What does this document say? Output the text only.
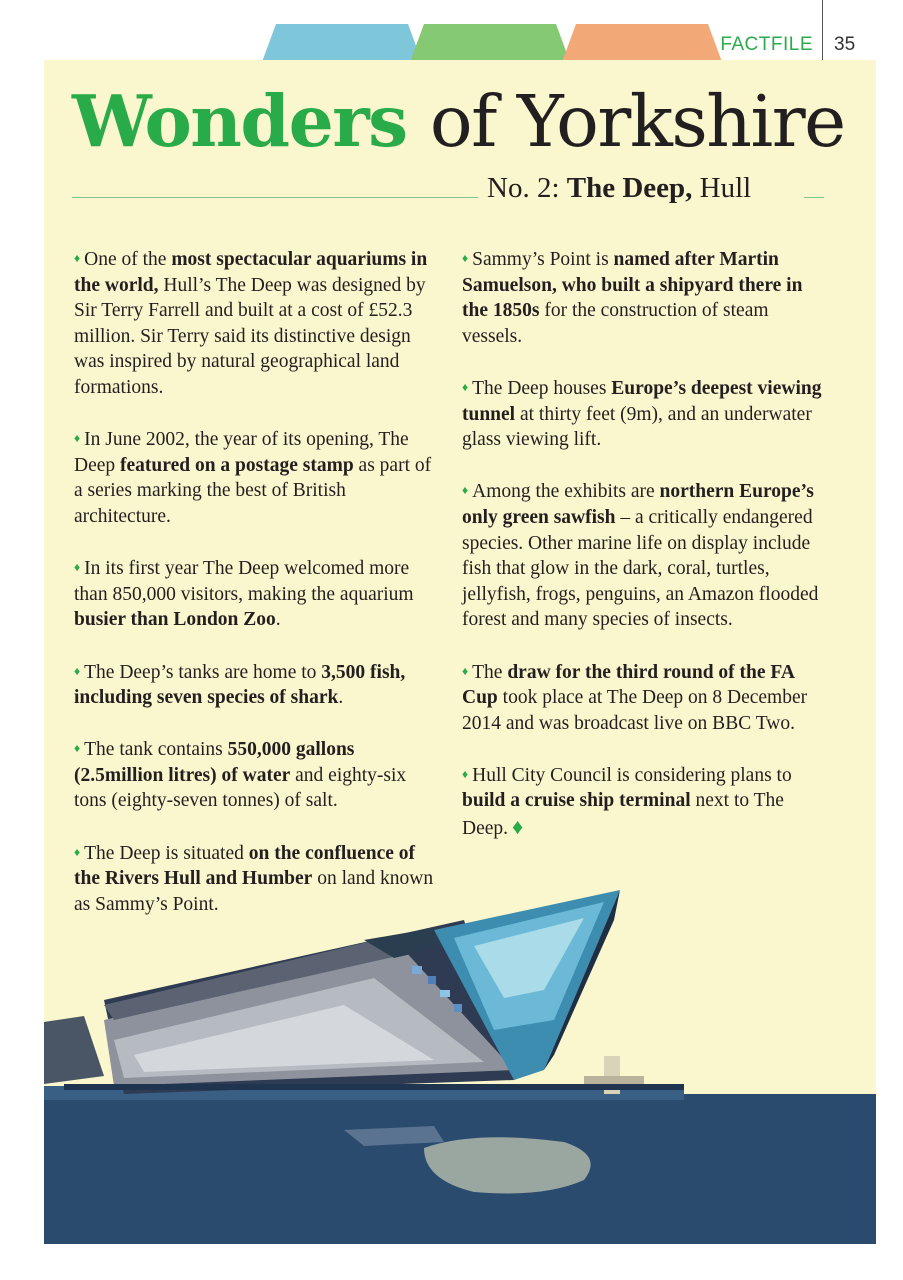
FACTFILE 35
Wonders of Yorkshire
No. 2: The Deep, Hull

♦ One of the most spectacular aquariums in the world, Hull’s The Deep was designed by Sir Terry Farrell and built at a cost of £52.3 million. Sir Terry said its distinctive design was inspired by natural geographical land formations.

♦ In June 2002, the year of its opening, The Deep featured on a postage stamp as part of a series marking the best of British architecture.

♦ In its first year The Deep welcomed more than 850,000 visitors, making the aquarium busier than London Zoo.

♦ The Deep’s tanks are home to 3,500 fish, including seven species of shark.

♦ The tank contains 550,000 gallons (2.5million litres) of water and eighty-six tons (eighty-seven tonnes) of salt.

♦ The Deep is situated on the confluence of the Rivers Hull and Humber on land known as Sammy’s Point.

♦ Sammy’s Point is named after Martin Samuelson, who built a shipyard there in the 1850s for the construction of steam vessels.

♦ The Deep houses Europe’s deepest viewing tunnel at thirty feet (9m), and an underwater glass viewing lift.

♦ Among the exhibits are northern Europe’s only green sawfish – a critically endangered species. Other marine life on display include fish that glow in the dark, coral, turtles, jellyfish, frogs, penguins, an Amazon flooded forest and many species of insects.

♦ The draw for the third round of the FA Cup took place at The Deep on 8 December 2014 and was broadcast live on BBC Two.

♦ Hull City Council is considering plans to build a cruise ship terminal next to The Deep. ♦
